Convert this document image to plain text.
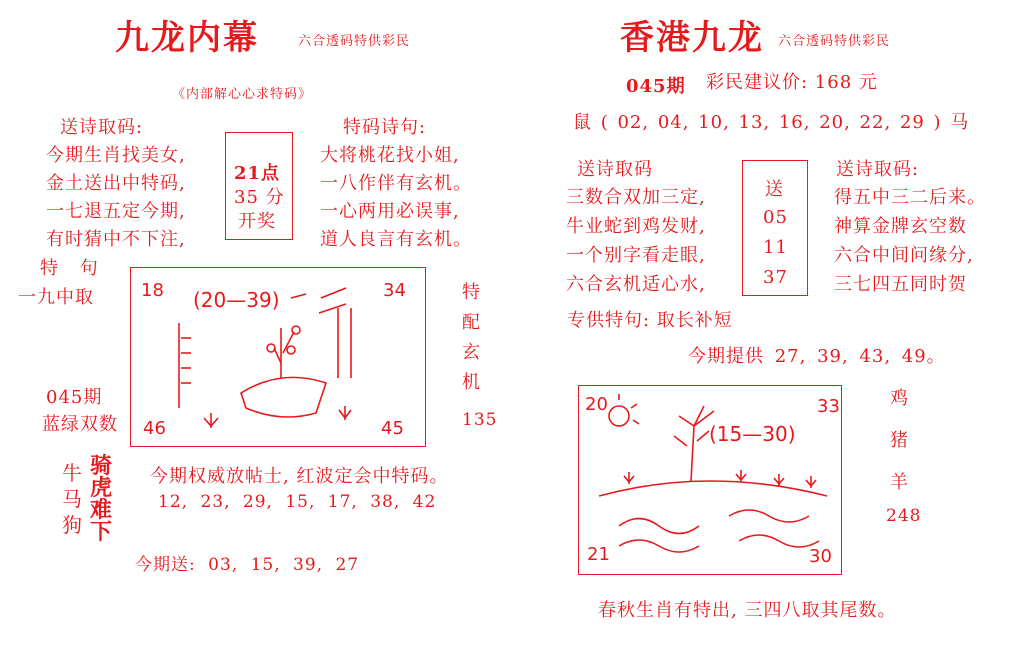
九龙内幕	六合透码特供彩民
《内部解心心求特码》
送诗取码:	特码诗句:
今期生肖找美女,
金土送出中特码,
一七退五定今期,
有时猜中不下注,
21点
35 分
开奖
大将桃花找小姐,
一八作伴有玄机。
一心两用必误事,
道人良言有玄机。
特 句
一九中取
045期
蓝绿双数
特配玄机
135
18	34
46	45
(20—39)
牛
马
狗
骑
虎
难
下
今期权威放帖士, 红波定会中特码。
12, 23, 29, 15, 17, 38, 42
今期送: 03, 15, 39, 27
香港九龙 六合透码特供彩民
045期 彩民建议价: 168 元
鼠 ( 02, 04, 10, 13, 16, 20, 22, 29 ) 马
送诗取码	送诗取码:
三数合双加三定,
牛业蛇到鸡发财,
一个别字看走眼,
六合玄机适心水,
送
05
11
37
得五中三二后来。
神算金牌玄空数
六合中间问缘分,
三七四五同时贺
专供特句: 取长补短
今期提供 27, 39, 43, 49。
20	33
21	30
(15—30)
鸡
猪
羊
248
春秋生肖有特出, 三四八取其尾数。
